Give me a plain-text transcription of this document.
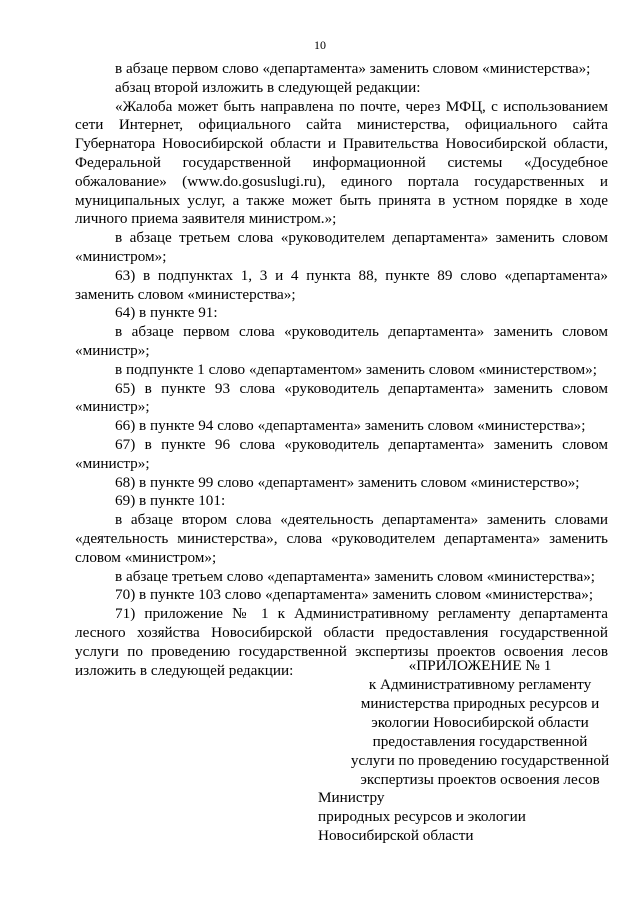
10

в абзаце первом слово «департамента» заменить словом «министерства»;

абзац второй изложить в следующей редакции:

«Жалоба может быть направлена по почте, через МФЦ, с использованием сети Интернет, официального сайта министерства, официального сайта Губернатора Новосибирской области и Правительства Новосибирской области, Федеральной государственной информационной системы «Досудебное обжалование» (www.do.gosuslugi.ru), единого портала государственных и муниципальных услуг, а также может быть принята в устном порядке в ходе личного приема заявителя министром.»;

в абзаце третьем слова «руководителем департамента» заменить словом «министром»;

63) в подпунктах 1, 3 и 4 пункта 88, пункте 89 слово «департамента» заменить словом «министерства»;

64) в пункте 91:

в абзаце первом слова «руководитель департамента» заменить словом «министр»;

в подпункте 1 слово «департаментом» заменить словом «министерством»;

65) в пункте 93 слова «руководитель департамента» заменить словом «министр»;

66) в пункте 94 слово «департамента» заменить словом «министерства»;

67) в пункте 96 слова «руководитель департамента» заменить словом «министр»;

68) в пункте 99 слово «департамент» заменить словом «министерство»;

69) в пункте 101:

в абзаце втором слова «деятельность департамента» заменить словами «деятельность министерства», слова «руководителем департамента» заменить словом «министром»;

в абзаце третьем слово «департамента» заменить словом «министерства»;

70) в пункте 103 слово «департамента» заменить словом «министерства»;

71) приложение № 1 к Административному регламенту департамента лесного хозяйства Новосибирской области предоставления государственной услуги по проведению государственной экспертизы проектов освоения лесов изложить в следующей редакции:	«ПРИЛОЖЕНИЕ № 1
к Административному регламенту
министерства природных ресурсов и
экологии Новосибирской области
предоставления государственной
услуги по проведению государственной
экспертизы проектов освоения лесов
Министру
природных ресурсов и экологии
Новосибирской области
